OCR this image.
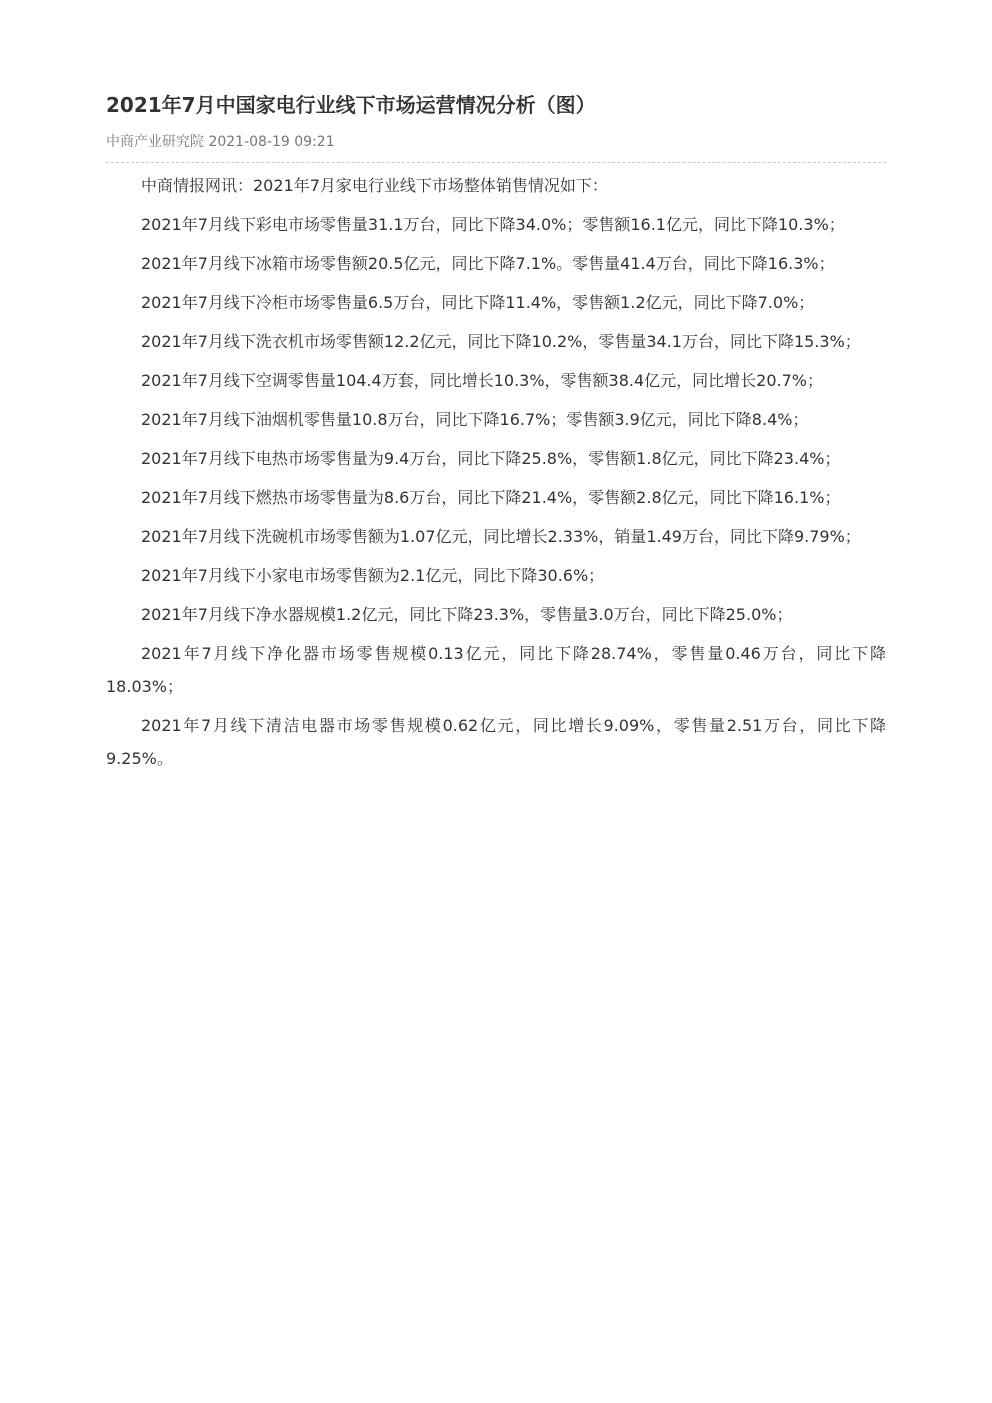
2021年7月中国家电行业线下市场运营情况分析（图）
中商产业研究院 2021-08-19 09:21

中商情报网讯：2021年7月家电行业线下市场整体销售情况如下：

2021年7月线下彩电市场零售量31.1万台，同比下降34.0%；零售额16.1亿元，同比下降10.3%；

2021年7月线下冰箱市场零售额20.5亿元，同比下降7.1%。零售量41.4万台，同比下降16.3%；

2021年7月线下冷柜市场零售量6.5万台，同比下降11.4%，零售额1.2亿元，同比下降7.0%；

2021年7月线下洗衣机市场零售额12.2亿元，同比下降10.2%，零售量34.1万台，同比下降15.3%；

2021年7月线下空调零售量104.4万套，同比增长10.3%，零售额38.4亿元，同比增长20.7%；

2021年7月线下油烟机零售量10.8万台，同比下降16.7%；零售额3.9亿元，同比下降8.4%；

2021年7月线下电热市场零售量为9.4万台，同比下降25.8%，零售额1.8亿元，同比下降23.4%；

2021年7月线下燃热市场零售量为8.6万台，同比下降21.4%，零售额2.8亿元，同比下降16.1%；

2021年7月线下洗碗机市场零售额为1.07亿元，同比增长2.33%，销量1.49万台，同比下降9.79%；

2021年7月线下小家电市场零售额为2.1亿元，同比下降30.6%；

2021年7月线下净水器规模1.2亿元，同比下降23.3%，零售量3.0万台，同比下降25.0%；

2021年7月线下净化器市场零售规模0.13亿元，同比下降28.74%，零售量0.46万台，同比下降18.03%；

2021年7月线下清洁电器市场零售规模0.62亿元，同比增长9.09%，零售量2.51万台，同比下降9.25%。
